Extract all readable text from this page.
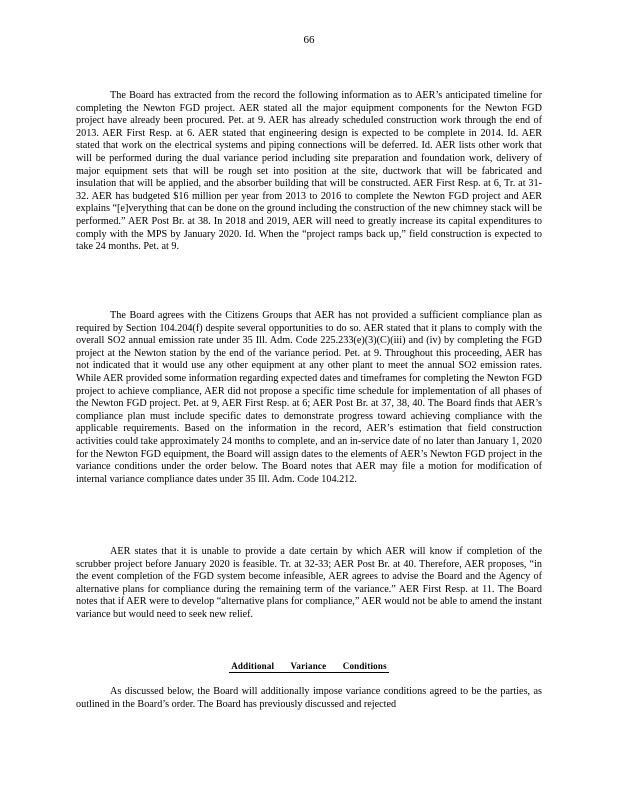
66

The Board has extracted from the record the following information as to AER’s anticipated timeline for completing the Newton FGD project. AER stated all the major equipment components for the Newton FGD project have already been procured. Pet. at 9. AER has already scheduled construction work through the end of 2013. AER First Resp. at 6. AER stated that engineering design is expected to be complete in 2014. Id. AER stated that work on the electrical systems and piping connections will be deferred. Id. AER lists other work that will be performed during the dual variance period including site preparation and foundation work, delivery of major equipment sets that will be rough set into position at the site, ductwork that will be fabricated and insulation that will be applied, and the absorber building that will be constructed. AER First Resp. at 6, Tr. at 31-32. AER has budgeted $16 million per year from 2013 to 2016 to complete the Newton FGD project and AER explains “[e]verything that can be done on the ground including the construction of the new chimney stack will be performed.” AER Post Br. at 38. In 2018 and 2019, AER will need to greatly increase its capital expenditures to comply with the MPS by January 2020. Id. When the “project ramps back up,” field construction is expected to take 24 months. Pet. at 9.

The Board agrees with the Citizens Groups that AER has not provided a sufficient compliance plan as required by Section 104.204(f) despite several opportunities to do so. AER stated that it plans to comply with the overall SO2 annual emission rate under 35 Ill. Adm. Code 225.233(e)(3)(C)(iii) and (iv) by completing the FGD project at the Newton station by the end of the variance period. Pet. at 9. Throughout this proceeding, AER has not indicated that it would use any other equipment at any other plant to meet the annual SO2 emission rates. While AER provided some information regarding expected dates and timeframes for completing the Newton FGD project to achieve compliance, AER did not propose a specific time schedule for implementation of all phases of the Newton FGD project. Pet. at 9, AER First Resp. at 6; AER Post Br. at 37, 38, 40. The Board finds that AER’s compliance plan must include specific dates to demonstrate progress toward achieving compliance with the applicable requirements. Based on the information in the record, AER’s estimation that field construction activities could take approximately 24 months to complete, and an in-service date of no later than January 1, 2020 for the Newton FGD equipment, the Board will assign dates to the elements of AER’s Newton FGD project in the variance conditions under the order below. The Board notes that AER may file a motion for modification of internal variance compliance dates under 35 Ill. Adm. Code 104.212.

AER states that it is unable to provide a date certain by which AER will know if completion of the scrubber project before January 2020 is feasible. Tr. at 32-33; AER Post Br. at 40. Therefore, AER proposes, “in the event completion of the FGD system become infeasible, AER agrees to advise the Board and the Agency of alternative plans for compliance during the remaining term of the variance.” AER First Resp. at 11. The Board notes that if AER were to develop “alternative plans for compliance,” AER would not be able to amend the instant variance but would need to seek new relief.

Additional Variance Conditions

As discussed below, the Board will additionally impose variance conditions agreed to be the parties, as outlined in the Board’s order. The Board has previously discussed and rejected
